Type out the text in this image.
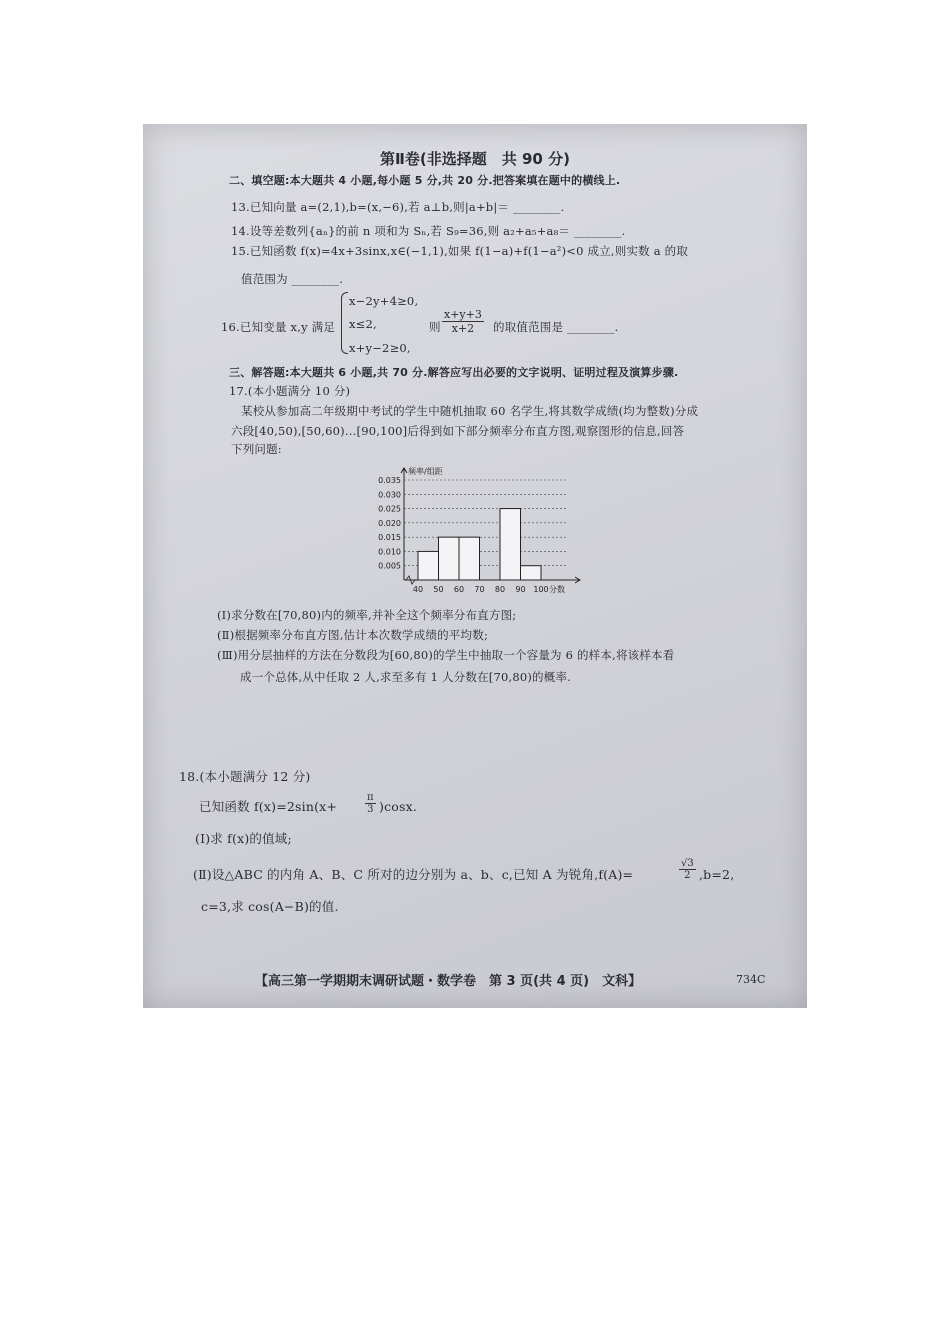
第Ⅱ卷(非选择题　共 90 分)
二、填空题:本大题共 4 小题,每小题 5 分,共 20 分.把答案填在题中的横线上.
13.已知向量 a=(2,1),b=(x,−6),若 a⊥b,则|a+b|＝ ________.
14.设等差数列{aₙ}的前 n 项和为 Sₙ,若 S₉=36,则 a₂+a₅+a₈＝ ________.
15.已知函数 f(x)=4x+3sinx,x∈(−1,1),如果 f(1−a)+f(1−a²)<0 成立,则实数 a 的取
值范围为 ________.
16.已知变量 x,y 满足
x−2y+4≥0,
x≤2,
x+y−2≥0,
则 $\frac{x+y+3}{x+2}$ 的取值范围是 ________.
三、解答题:本大题共 6 小题,共 70 分.解答应写出必要的文字说明、证明过程及演算步骤.
17.(本小题满分 10 分)
某校从参加高二年级期中考试的学生中随机抽取 60 名学生,将其数学成绩(均为整数)分成
六段[40,50),[50,60)…[90,100]后得到如下部分频率分布直方图,观察图形的信息,回答
下列问题:
0.005
0.010
0.015
0.020
0.025
0.030
0.035
40 50 60 70 80 90 100
频率/组距
分数
(Ⅰ)求分数在[70,80)内的频率,并补全这个频率分布直方图;
(Ⅱ)根据频率分布直方图,估计本次数学成绩的平均数;
(Ⅲ)用分层抽样的方法在分数段为[60,80)的学生中抽取一个容量为 6 的样本,将该样本看
成一个总体,从中任取 2 人,求至多有 1 人分数在[70,80)的概率.
18.(本小题满分 12 分)
已知函数 f(x)=2sin(x+	$\frac{\pi}{3} )\cos x$.
(Ⅰ)求 f(x)的值域;
(Ⅱ)设△ABC 的内角 A、B、C 所对的边分别为 a、b、c,已知 A 为锐角,f(A)=	$\frac{√3}{2} ,b=2$,
c=3,求 cos(A−B)的值.
【高三第一学期期末调研试题・数学卷　第 3 页(共 4 页)　文科】	734C
